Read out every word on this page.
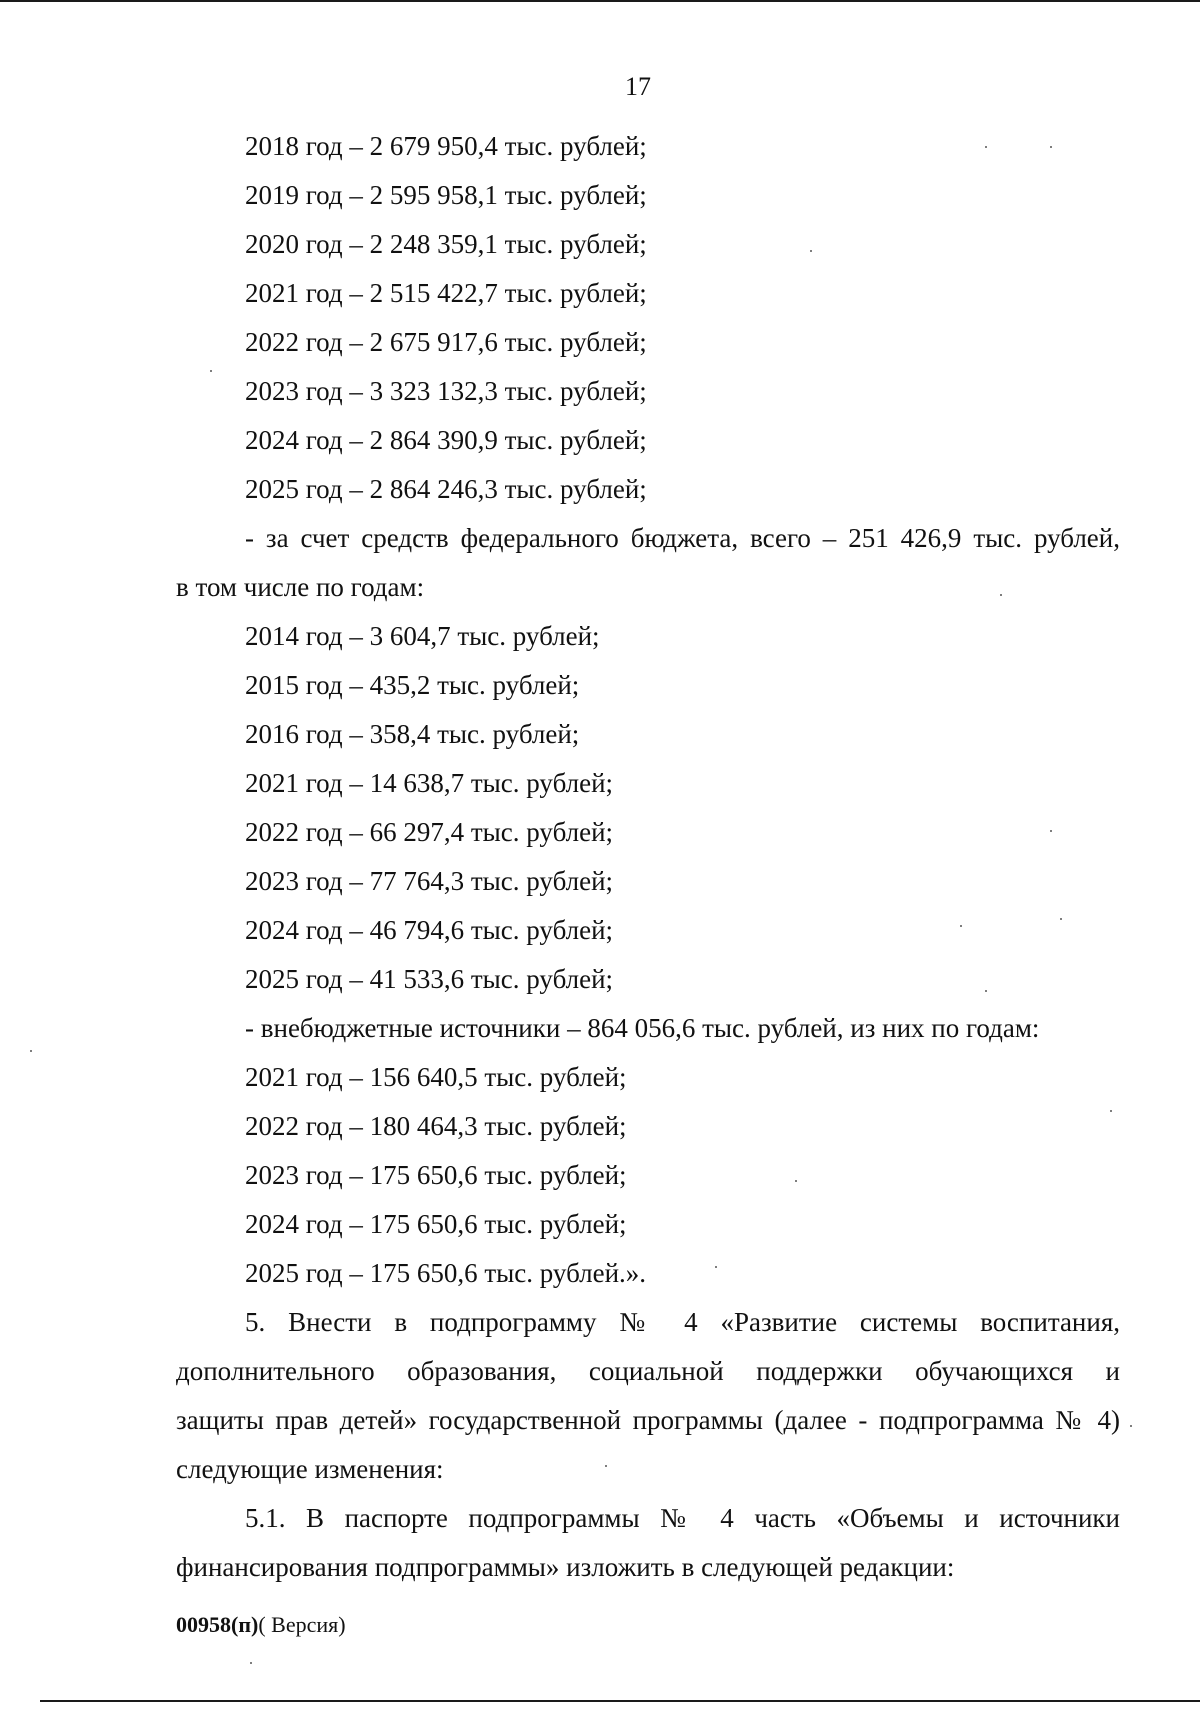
17
2018 год – 2 679 950,4 тыс. рублей;
2019 год – 2 595 958,1 тыс. рублей;
2020 год – 2 248 359,1 тыс. рублей;
2021 год – 2 515 422,7 тыс. рублей;
2022 год – 2 675 917,6 тыс. рублей;
2023 год – 3 323 132,3 тыс. рублей;
2024 год – 2 864 390,9 тыс. рублей;
2025 год – 2 864 246,3 тыс. рублей;
- за счет средств федерального бюджета, всего – 251 426,9 тыс. рублей,
в том числе по годам:
2014 год – 3 604,7 тыс. рублей;
2015 год – 435,2 тыс. рублей;
2016 год – 358,4 тыс. рублей;
2021 год – 14 638,7 тыс. рублей;
2022 год – 66 297,4 тыс. рублей;
2023 год – 77 764,3 тыс. рублей;
2024 год – 46 794,6 тыс. рублей;
2025 год – 41 533,6 тыс. рублей;
- внебюджетные источники – 864 056,6 тыс. рублей, из них по годам:
2021 год – 156 640,5 тыс. рублей;
2022 год – 180 464,3 тыс. рублей;
2023 год – 175 650,6 тыс. рублей;
2024 год – 175 650,6 тыс. рублей;
2025 год – 175 650,6 тыс. рублей.».
5. Внести в подпрограмму № 4 «Развитие системы воспитания,
дополнительного образования, социальной поддержки обучающихся и
защиты прав детей» государственной программы (далее - подпрограмма № 4)
следующие изменения:
5.1. В паспорте подпрограммы № 4 часть «Объемы и источники
финансирования подпрограммы» изложить в следующей редакции:
00958(п)( Версия)
